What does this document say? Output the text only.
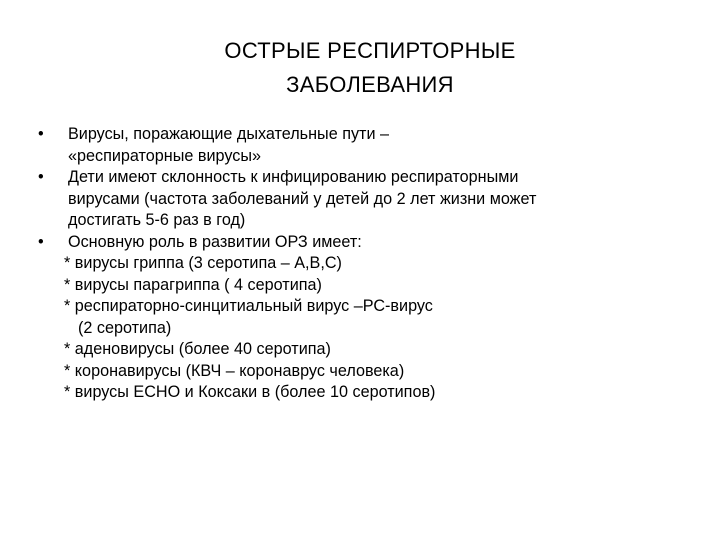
ОСТРЫЕ РЕСПИРТОРНЫЕ
ЗАБОЛЕВАНИЯ
• Вирусы, поражающие дыхательные пути –
«респираторные вирусы»
• Дети имеют склонность к инфицированию респираторными
вирусами (частота заболеваний у детей до 2 лет жизни может
достигать 5-6 раз в год)
• Основную роль в развитии ОРЗ имеет:
* вирусы гриппа (3 серотипа – А,В,С)
* вирусы парагриппа ( 4 серотипа)
* респираторно-синцитиальный вирус –РС-вирус
(2 серотипа)
* аденовирусы (более 40 серотипа)
* коронавирусы (КВЧ – коронаврус человека)
* вирусы ECHO и Коксаки в (более 10 серотипов)
